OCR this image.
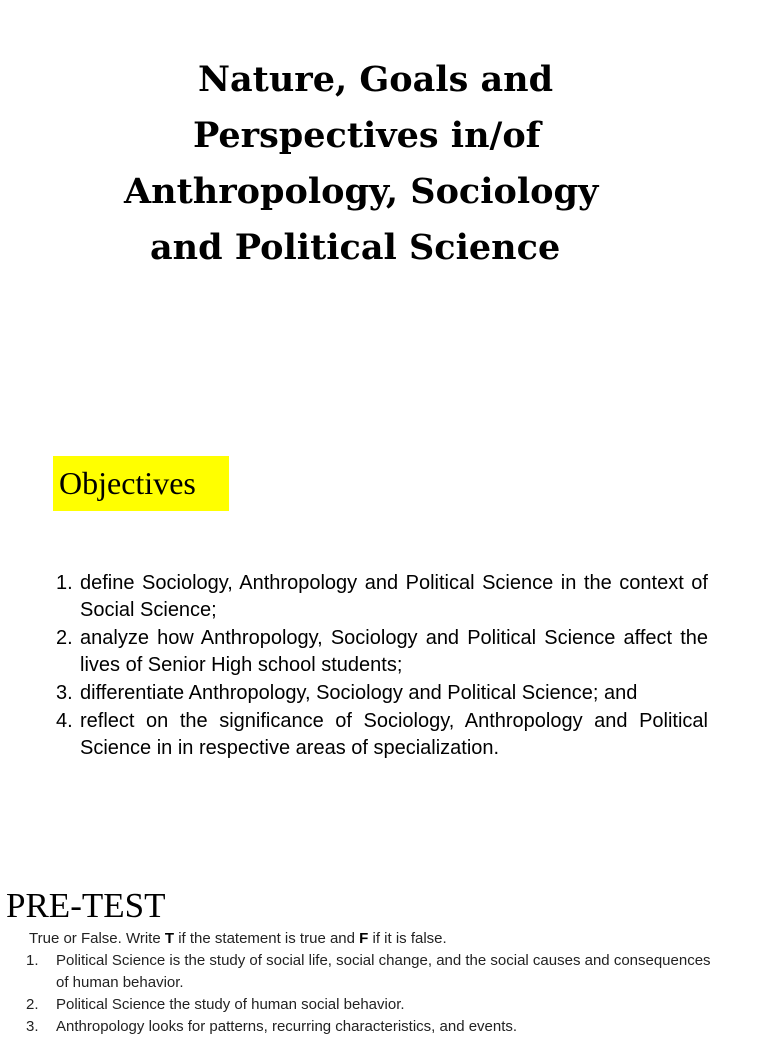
Nature, Goals and
Perspectives in/of
Anthropology, Sociology
and Political Science
Objectives
1. define Sociology, Anthropology and Political Science in the context of Social Science;
2. analyze how Anthropology, Sociology and Political Science affect the lives of Senior High school students;
3. differentiate Anthropology, Sociology and Political Science; and
4. reflect on the significance of Sociology, Anthropology and Political Science in in respective areas of specialization.
PRE-TEST
True or False. Write T if the statement is true and F if it is false.
1. Political Science is the study of social life, social change, and the social causes and consequences of human behavior.
2. Political Science the study of human social behavior.
3. Anthropology looks for patterns, recurring characteristics, and events.
